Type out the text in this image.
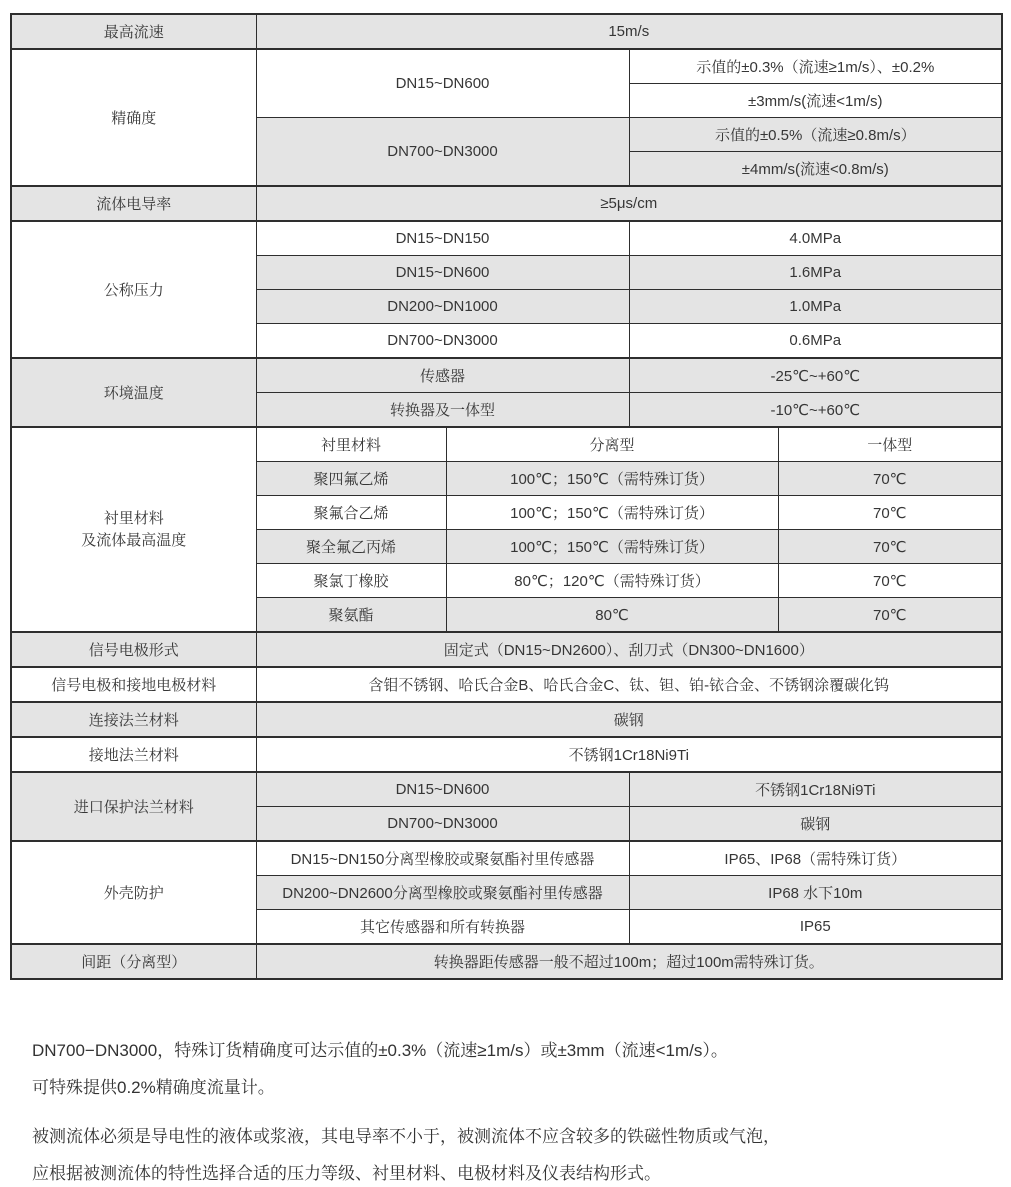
最高流速	15m/s			
精确度	DN15~DN600		示值的±0.3%（流速≥1m/s）、±0.2%	
			±3mm/s(流速<1m/s)	
	DN700~DN3000		示值的±0.5%（流速≥0.8m/s）	
			±4mm/s(流速<0.8m/s)	
流体电导率	≥5μs/cm			
公称压力	DN15~DN150		4.0MPa	
	DN15~DN600		1.6MPa	
	DN200~DN1000		1.0MPa	
	DN700~DN3000		0.6MPa	
环境温度	传感器		-25℃~+60℃	
	转换器及一体型		-10℃~+60℃	

衬里材料
及流体最高温度	衬里材料	分离型		一体型
	聚四氟乙烯	100℃；150℃（需特殊订货）		70℃
	聚氟合乙烯	100℃；150℃（需特殊订货）		70℃
	聚全氟乙丙烯	100℃；150℃（需特殊订货）		70℃
	聚氯丁橡胶	80℃；120℃（需特殊订货）		70℃
	聚氨酯	80℃		70℃
信号电极形式	固定式（DN15~DN2600）、刮刀式（DN300~DN1600）			
信号电极和接地电极材料	含钼不锈钢、哈氏合金B、哈氏合金C、钛、钽、铂-铱合金、不锈钢涂覆碳化钨			
连接法兰材料	碳钢			
接地法兰材料	不锈钢1Cr18Ni9Ti			
进口保护法兰材料	DN15~DN600		不锈钢1Cr18Ni9Ti	
	DN700~DN3000		碳钢	
外壳防护	DN15~DN150分离型橡胶或聚氨酯衬里传感器		IP65、IP68（需特殊订货）	
	DN200~DN2600分离型橡胶或聚氨酯衬里传感器		IP68 水下10m	
	其它传感器和所有转换器		IP65	
间距（分离型）	转换器距传感器一般不超过100m；超过100m需特殊订货。			
DN700−DN3000，特殊订货精确度可达示值的±0.3%（流速≥1m/s）或±3mm（流速<1m/s）。
可特殊提供0.2%精确度流量计。
被测流体必须是导电性的液体或浆液，其电导率不小于，被测流体不应含较多的铁磁性物质或气泡，
应根据被测流体的特性选择合适的压力等级、衬里材料、电极材料及仪表结构形式。
